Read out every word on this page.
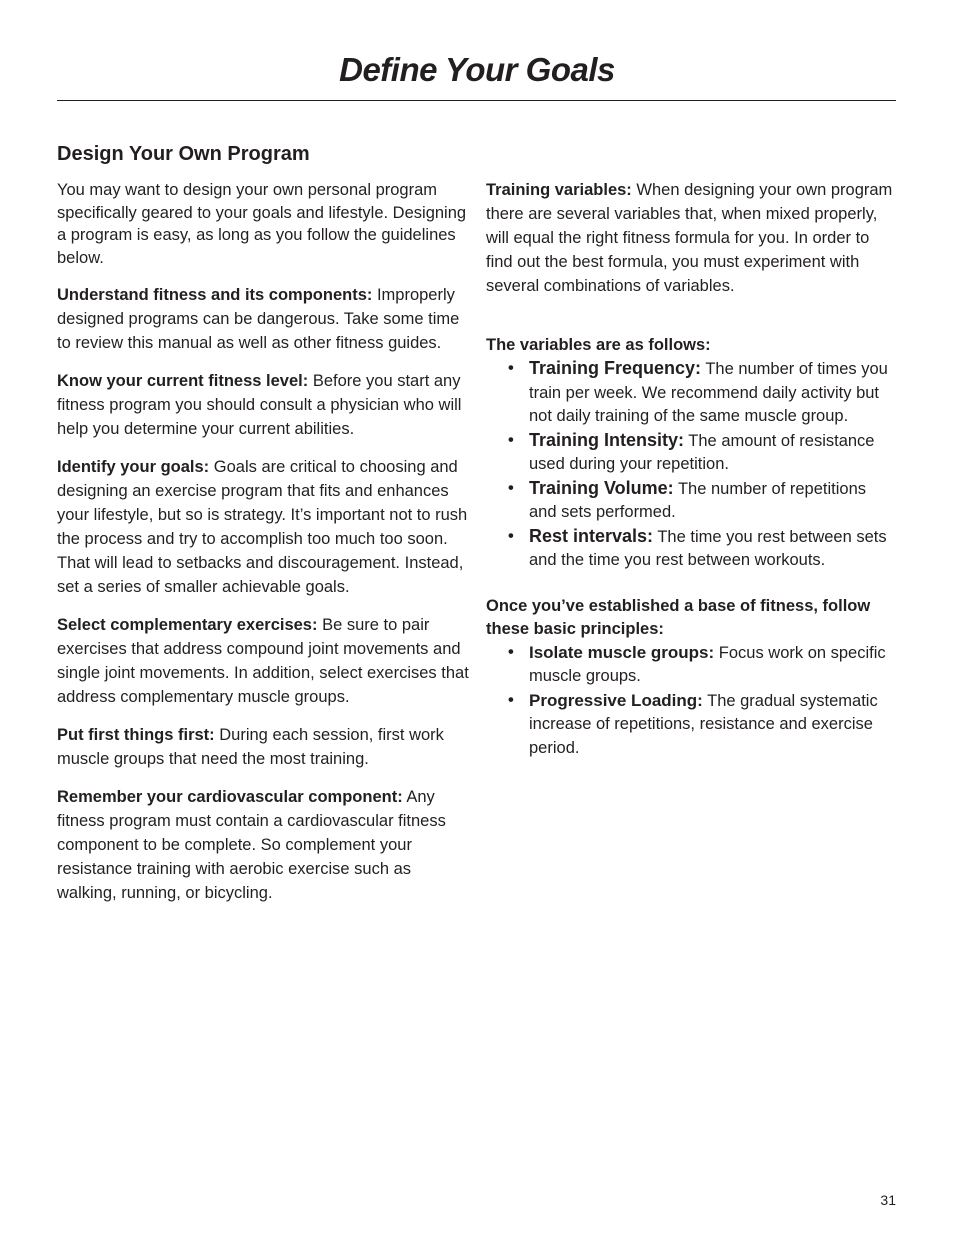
Define Your Goals
Design Your Own Program

You may want to design your own personal program specifically geared to your goals and lifestyle. Designing a program is easy, as long as you follow the guidelines below.

Understand fitness and its components: Improperly designed programs can be dangerous. Take some time to review this manual as well as other fitness guides.

Know your current fitness level: Before you start any fitness program you should consult a physician who will help you determine your current abilities.

Identify your goals: Goals are critical to choosing and designing an exercise program that fits and enhances your lifestyle, but so is strategy. It’s important not to rush the process and try to accomplish too much too soon. That will lead to setbacks and discouragement. Instead, set a series of smaller achievable goals.

Select complementary exercises: Be sure to pair exercises that address compound joint movements and single joint movements. In addition, select exercises that address complementary muscle groups.

Put first things first: During each session, first work muscle groups that need the most training.

Remember your cardiovascular component: Any fitness program must contain a cardiovascular fitness component to be complete. So complement your resistance training with aerobic exercise such as walking, running, or bicycling.

Training variables: When designing your own program there are several variables that, when mixed properly, will equal the right fitness formula for you. In order to find out the best formula, you must experiment with several combinations of variables.

The variables are as follows:

• Training Frequency: The number of times you train per week. We recommend daily activity but not daily training of the same muscle group.
• Training Intensity: The amount of resistance used during your repetition.
• Training Volume: The number of repetitions and sets performed.
• Rest intervals: The time you rest between sets and the time you rest between workouts.

Once you’ve established a base of fitness, follow these basic principles:

• Isolate muscle groups: Focus work on specific muscle groups.
• Progressive Loading: The gradual systematic increase of repetitions, resistance and exercise period.
31
